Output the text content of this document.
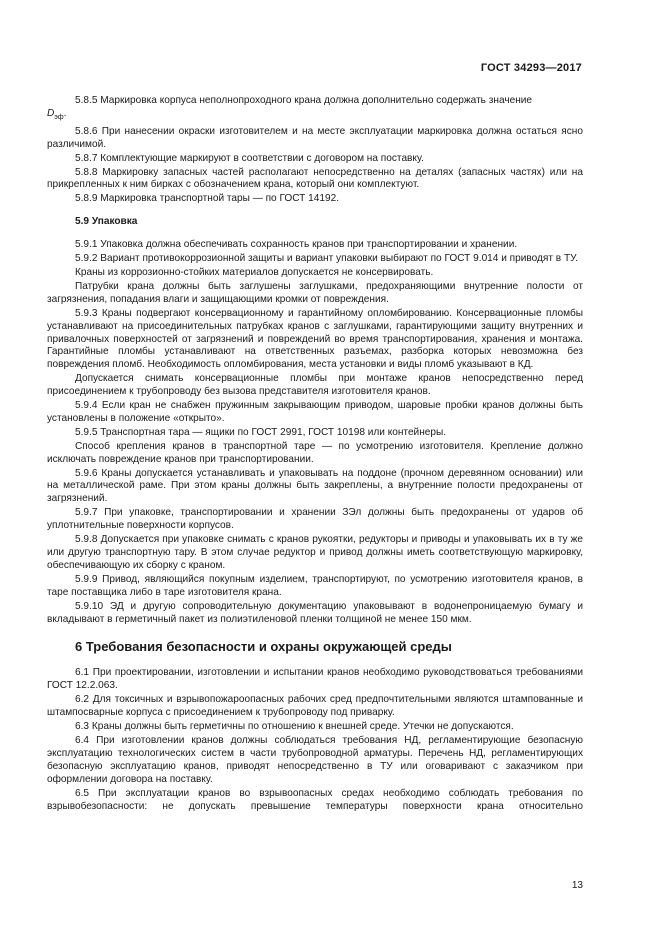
ГОСТ 34293—2017

5.8.5 Маркировка корпуса неполнопроходного крана должна дополнительно содержать значение
$D_{эф}$.

5.8.6 При нанесении окраски изготовителем и на месте эксплуатации маркировка должна остаться ясно различимой.

5.8.7 Комплектующие маркируют в соответствии с договором на поставку.

5.8.8 Маркировку запасных частей располагают непосредственно на деталях (запасных частях) или на прикрепленных к ним бирках с обозначением крана, который они комплектуют.

5.8.9 Маркировка транспортной тары — по ГОСТ 14192.

5.9 Упаковка

5.9.1 Упаковка должна обеспечивать сохранность кранов при транспортировании и хранении.

5.9.2 Вариант противокоррозионной защиты и вариант упаковки выбирают по ГОСТ 9.014 и приводят в ТУ.

Краны из коррозионно-стойких материалов допускается не консервировать.

Патрубки крана должны быть заглушены заглушками, предохраняющими внутренние полости от загрязнения, попадания влаги и защищающими кромки от повреждения.

5.9.3 Краны подвергают консервационному и гарантийному опломбированию. Консервационные пломбы устанавливают на присоединительных патрубках кранов с заглушками, гарантирующими защиту внутренних и привалочных поверхностей от загрязнений и повреждений во время транспортирования, хранения и монтажа. Гарантийные пломбы устанавливают на ответственных разъемах, разборка которых невозможна без повреждения пломб. Необходимость опломбирования, места установки и виды пломб указывают в КД.

Допускается снимать консервационные пломбы при монтаже кранов непосредственно перед присоединением к трубопроводу без вызова представителя изготовителя кранов.

5.9.4 Если кран не снабжен пружинным закрывающим приводом, шаровые пробки кранов должны быть установлены в положение «открыто».

5.9.5 Транспортная тара — ящики по ГОСТ 2991, ГОСТ 10198 или контейнеры.

Способ крепления кранов в транспортной таре — по усмотрению изготовителя. Крепление должно исключать повреждение кранов при транспортировании.

5.9.6 Краны допускается устанавливать и упаковывать на поддоне (прочном деревянном основании) или на металлической раме. При этом краны должны быть закреплены, а внутренние полости предохранены от загрязнений.

5.9.7 При упаковке, транспортировании и хранении ЗЭл должны быть предохранены от ударов об уплотнительные поверхности корпусов.

5.9.8 Допускается при упаковке снимать с кранов рукоятки, редукторы и приводы и упаковывать их в ту же или другую транспортную тару. В этом случае редуктор и привод должны иметь соответствующую маркировку, обеспечивающую их сборку с краном.

5.9.9 Привод, являющийся покупным изделием, транспортируют, по усмотрению изготовителя кранов, в таре поставщика либо в таре изготовителя крана.

5.9.10 ЭД и другую сопроводительную документацию упаковывают в водонепроницаемую бумагу и вкладывают в герметичный пакет из полиэтиленовой пленки толщиной не менее 150 мкм.

6 Требования безопасности и охраны окружающей среды

6.1 При проектировании, изготовлении и испытании кранов необходимо руководствоваться требованиями ГОСТ 12.2.063.

6.2 Для токсичных и взрывопожароопасных рабочих сред предпочтительными являются штампованные и штампосварные корпуса с присоединением к трубопроводу под приварку.

6.3 Краны должны быть герметичны по отношению к внешней среде. Утечки не допускаются.

6.4 При изготовлении кранов должны соблюдаться требования НД, регламентирующие безопасную эксплуатацию технологических систем в части трубопроводной арматуры. Перечень НД, регламентирующих безопасную эксплуатацию кранов, приводят непосредственно в ТУ или оговаривают с заказчиком при оформлении договора на поставку.

6.5 При эксплуатации кранов во взрывоопасных средах необходимо соблюдать требования по взрывобезопасности: не допускать превышение температуры поверхности крана относительно

13
